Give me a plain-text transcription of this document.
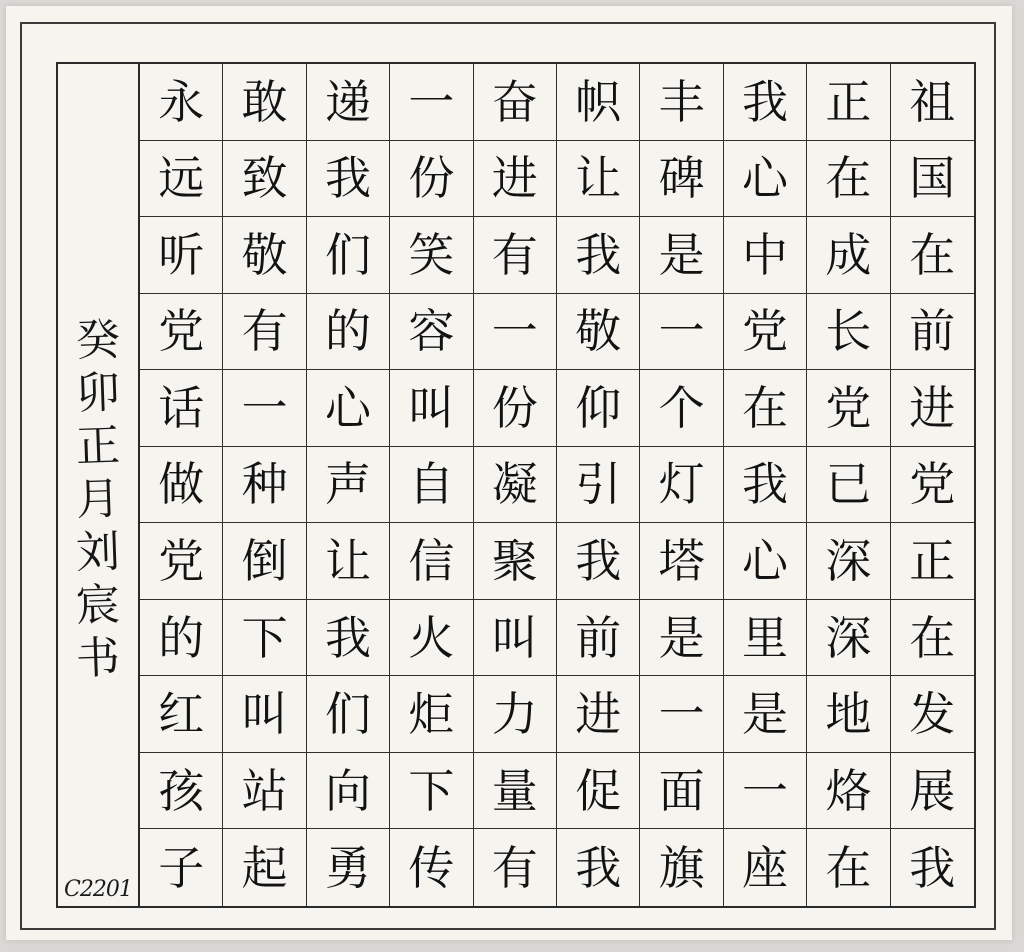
癸
卯
正
月
刘
宸
书
C2201
永 敢 递 一 奋 帜 丰 我 正 祖
远 致 我 份 进 让 碑 心 在 国
听 敬 们 笑 有 我 是 中 成 在
党 有 的 容 一 敬 一 党 长 前
话 一 心 叫 份 仰 个 在 党 进
做 种 声 自 凝 引 灯 我 已 党
党 倒 让 信 聚 我 塔 心 深 正
的 下 我 火 叫 前 是 里 深 在
红 叫 们 炬 力 进 一 是 地 发
孩 站 向 下 量 促 面 一 烙 展
子 起 勇 传 有 我 旗 座 在 我
